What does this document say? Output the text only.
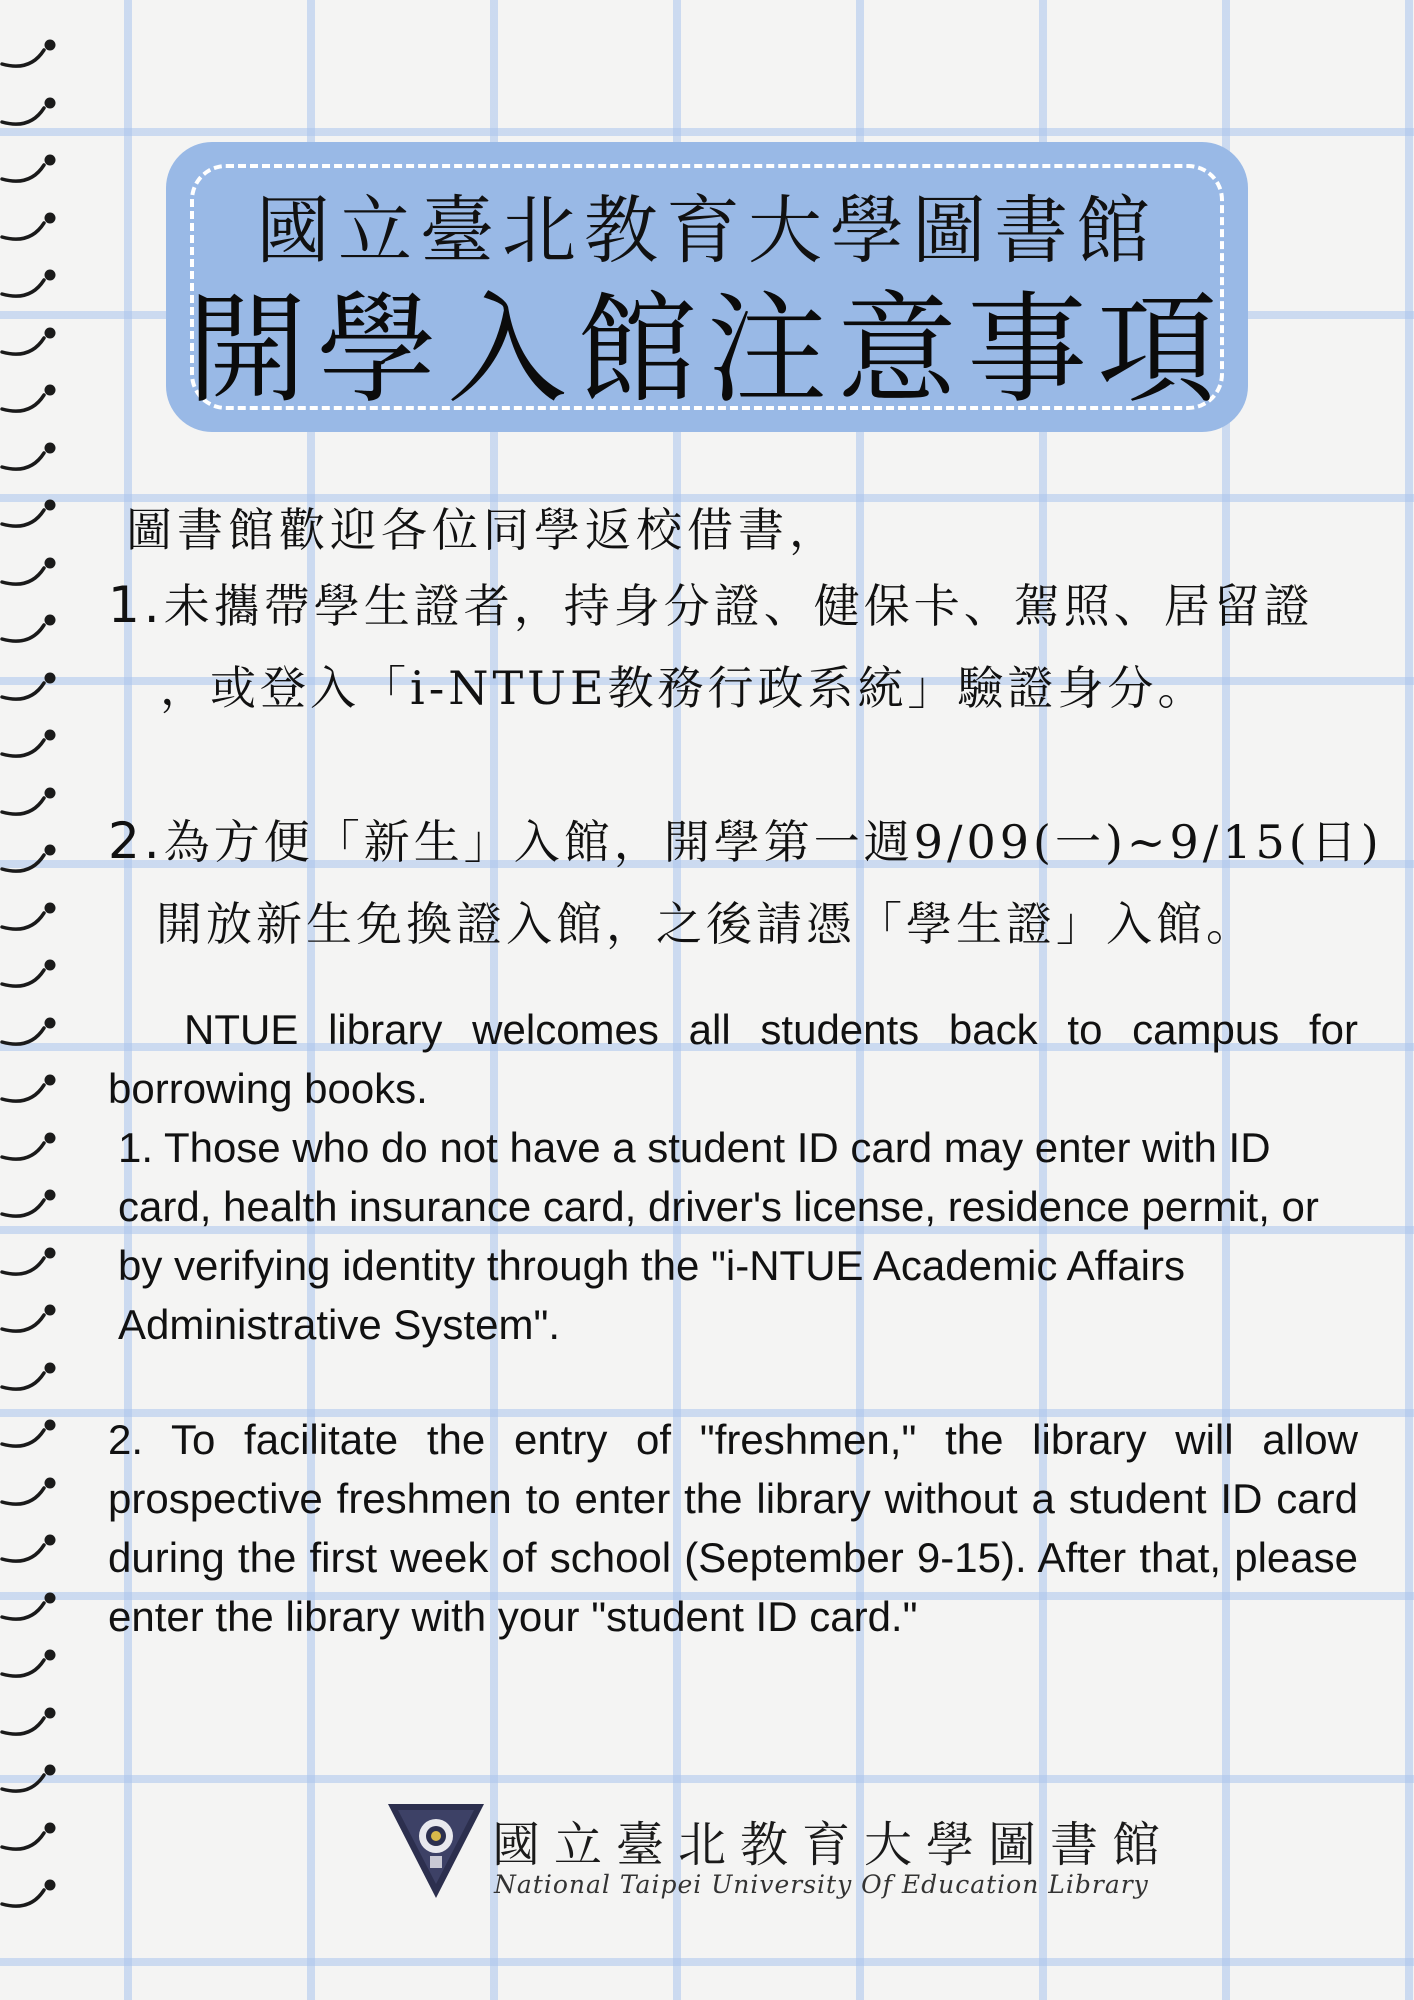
國立臺北教育大學圖書館
開學入館注意事項
圖書館歡迎各位同學返校借書，
1.未攜帶學生證者，持身分證、健保卡、駕照、居留證
，或登入「i-NTUE教務行政系統」驗證身分。
2.為方便「新生」入館，開學第一週9/09(一)~9/15(日)
開放新生免換證入館，之後請憑「學生證」入館。
NTUE library welcomes all students back to campus for borrowing books.
1. Those who do not have a student ID card may enter with ID card, health insurance card, driver's license, residence permit, or by verifying identity through the "i-NTUE Academic Affairs Administrative System".
2. To facilitate the entry of "freshmen," the library will allow prospective freshmen to enter the library without a student ID card during the first week of school (September 9-15). After that, please enter the library with your "student ID card."
國立臺北教育大學圖書館
National Taipei University Of Education Library
